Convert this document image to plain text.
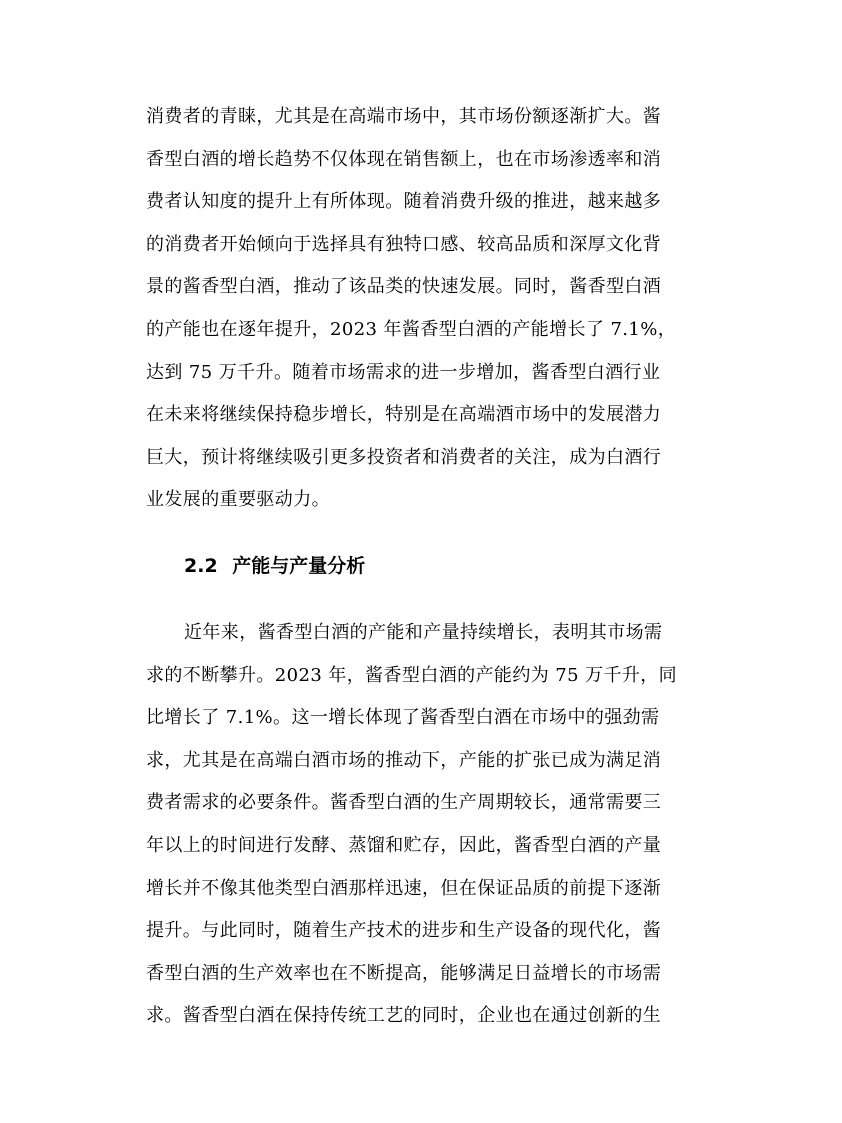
消费者的青睐，尤其是在高端市场中，其市场份额逐渐扩大。酱
香型白酒的增长趋势不仅体现在销售额上，也在市场渗透率和消
费者认知度的提升上有所体现。随着消费升级的推进，越来越多
的消费者开始倾向于选择具有独特口感、较高品质和深厚文化背
景的酱香型白酒，推动了该品类的快速发展。同时，酱香型白酒
的产能也在逐年提升，2023 年酱香型白酒的产能增长了 7.1%，
达到 75 万千升。随着市场需求的进一步增加，酱香型白酒行业
在未来将继续保持稳步增长，特别是在高端酒市场中的发展潜力
巨大，预计将继续吸引更多投资者和消费者的关注，成为白酒行
业发展的重要驱动力。
2.2 产能与产量分析
近年来，酱香型白酒的产能和产量持续增长，表明其市场需
求的不断攀升。2023 年，酱香型白酒的产能约为 75 万千升，同
比增长了 7.1%。这一增长体现了酱香型白酒在市场中的强劲需
求，尤其是在高端白酒市场的推动下，产能的扩张已成为满足消
费者需求的必要条件。酱香型白酒的生产周期较长，通常需要三
年以上的时间进行发酵、蒸馏和贮存，因此，酱香型白酒的产量
增长并不像其他类型白酒那样迅速，但在保证品质的前提下逐渐
提升。与此同时，随着生产技术的进步和生产设备的现代化，酱
香型白酒的生产效率也在不断提高，能够满足日益增长的市场需
求。酱香型白酒在保持传统工艺的同时，企业也在通过创新的生
